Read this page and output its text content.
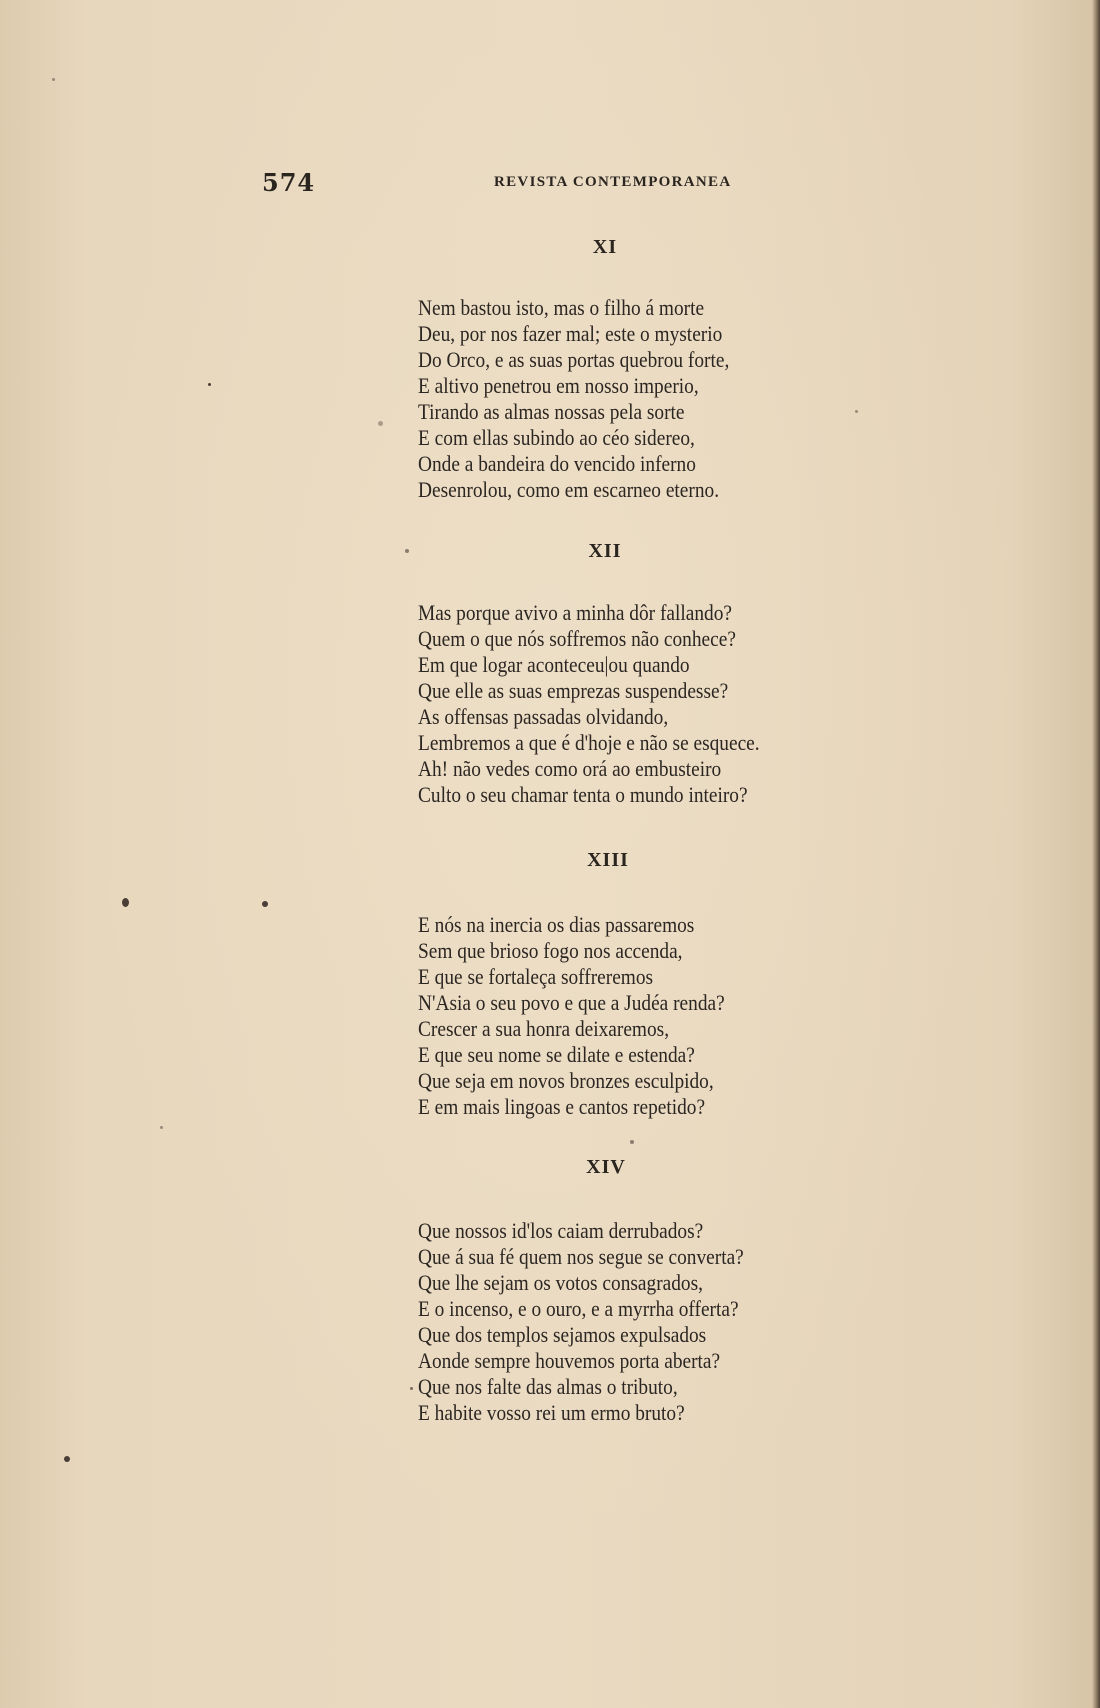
574	REVISTA CONTEMPORANEA
XI
Nem bastou isto, mas o filho á morte
Deu, por nos fazer mal; este o mysterio
Do Orco, e as suas portas quebrou forte,
E altivo penetrou em nosso imperio,
Tirando as almas nossas pela sorte
E com ellas subindo ao céo sidereo,
Onde a bandeira do vencido inferno
Desenrolou, como em escarneo eterno.
XII
Mas porque avivo a minha dôr fallando?
Quem o que nós soffremos não conhece?
Em que logar aconteceu|ou quando
Que elle as suas emprezas suspendesse?
As offensas passadas olvidando,
Lembremos a que é d'hoje e não se esquece.
Ah! não vedes como orá ao embusteiro
Culto o seu chamar tenta o mundo inteiro?
XIII
E nós na inercia os dias passaremos
Sem que brioso fogo nos accenda,
E que se fortaleça soffreremos
N'Asia o seu povo e que a Judéa renda?
Crescer a sua honra deixaremos,
E que seu nome se dilate e estenda?
Que seja em novos bronzes esculpido,
E em mais lingoas e cantos repetido?
XIV
Que nossos id'los caiam derrubados?
Que á sua fé quem nos segue se converta?
Que lhe sejam os votos consagrados,
E o incenso, e o ouro, e a myrrha offerta?
Que dos templos sejamos expulsados
Aonde sempre houvemos porta aberta?
Que nos falte das almas o tributo,
E habite vosso rei um ermo bruto?
